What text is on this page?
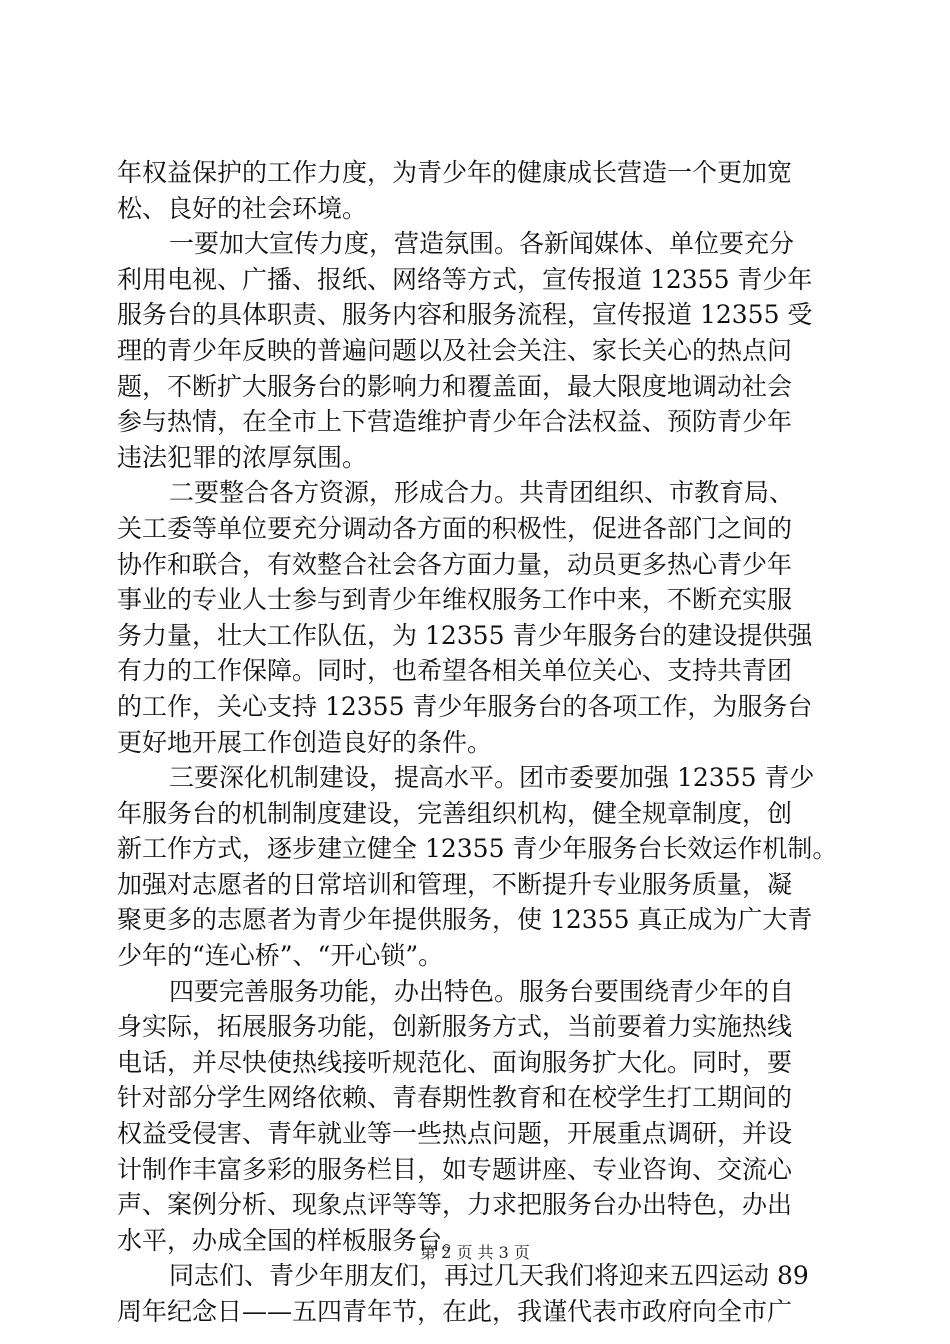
年权益保护的工作力度，为青少年的健康成长营造一个更加宽
松、良好的社会环境。
一要加大宣传力度，营造氛围。各新闻媒体、单位要充分
利用电视、广播、报纸、网络等方式，宣传报道 12355 青少年
服务台的具体职责、服务内容和服务流程，宣传报道 12355 受
理的青少年反映的普遍问题以及社会关注、家长关心的热点问
题，不断扩大服务台的影响力和覆盖面，最大限度地调动社会
参与热情，在全市上下营造维护青少年合法权益、预防青少年
违法犯罪的浓厚氛围。
二要整合各方资源，形成合力。共青团组织、市教育局、
关工委等单位要充分调动各方面的积极性，促进各部门之间的
协作和联合，有效整合社会各方面力量，动员更多热心青少年
事业的专业人士参与到青少年维权服务工作中来，不断充实服
务力量，壮大工作队伍，为 12355 青少年服务台的建设提供强
有力的工作保障。同时，也希望各相关单位关心、支持共青团
的工作，关心支持 12355 青少年服务台的各项工作，为服务台
更好地开展工作创造良好的条件。
三要深化机制建设，提高水平。团市委要加强 12355 青少
年服务台的机制制度建设，完善组织机构，健全规章制度，创
新工作方式，逐步建立健全 12355 青少年服务台长效运作机制。
加强对志愿者的日常培训和管理，不断提升专业服务质量，凝
聚更多的志愿者为青少年提供服务，使 12355 真正成为广大青
少年的“连心桥”、“开心锁”。
四要完善服务功能，办出特色。服务台要围绕青少年的自
身实际，拓展服务功能，创新服务方式，当前要着力实施热线
电话，并尽快使热线接听规范化、面询服务扩大化。同时，要
针对部分学生网络依赖、青春期性教育和在校学生打工期间的
权益受侵害、青年就业等一些热点问题，开展重点调研，并设
计制作丰富多彩的服务栏目，如专题讲座、专业咨询、交流心
声、案例分析、现象点评等等，力求把服务台办出特色，办出
水平，办成全国的样板服务台。
同志们、青少年朋友们，再过几天我们将迎来五四运动 89
周年纪念日——五四青年节，在此，我谨代表市政府向全市广
第 2 页 共 3 页
